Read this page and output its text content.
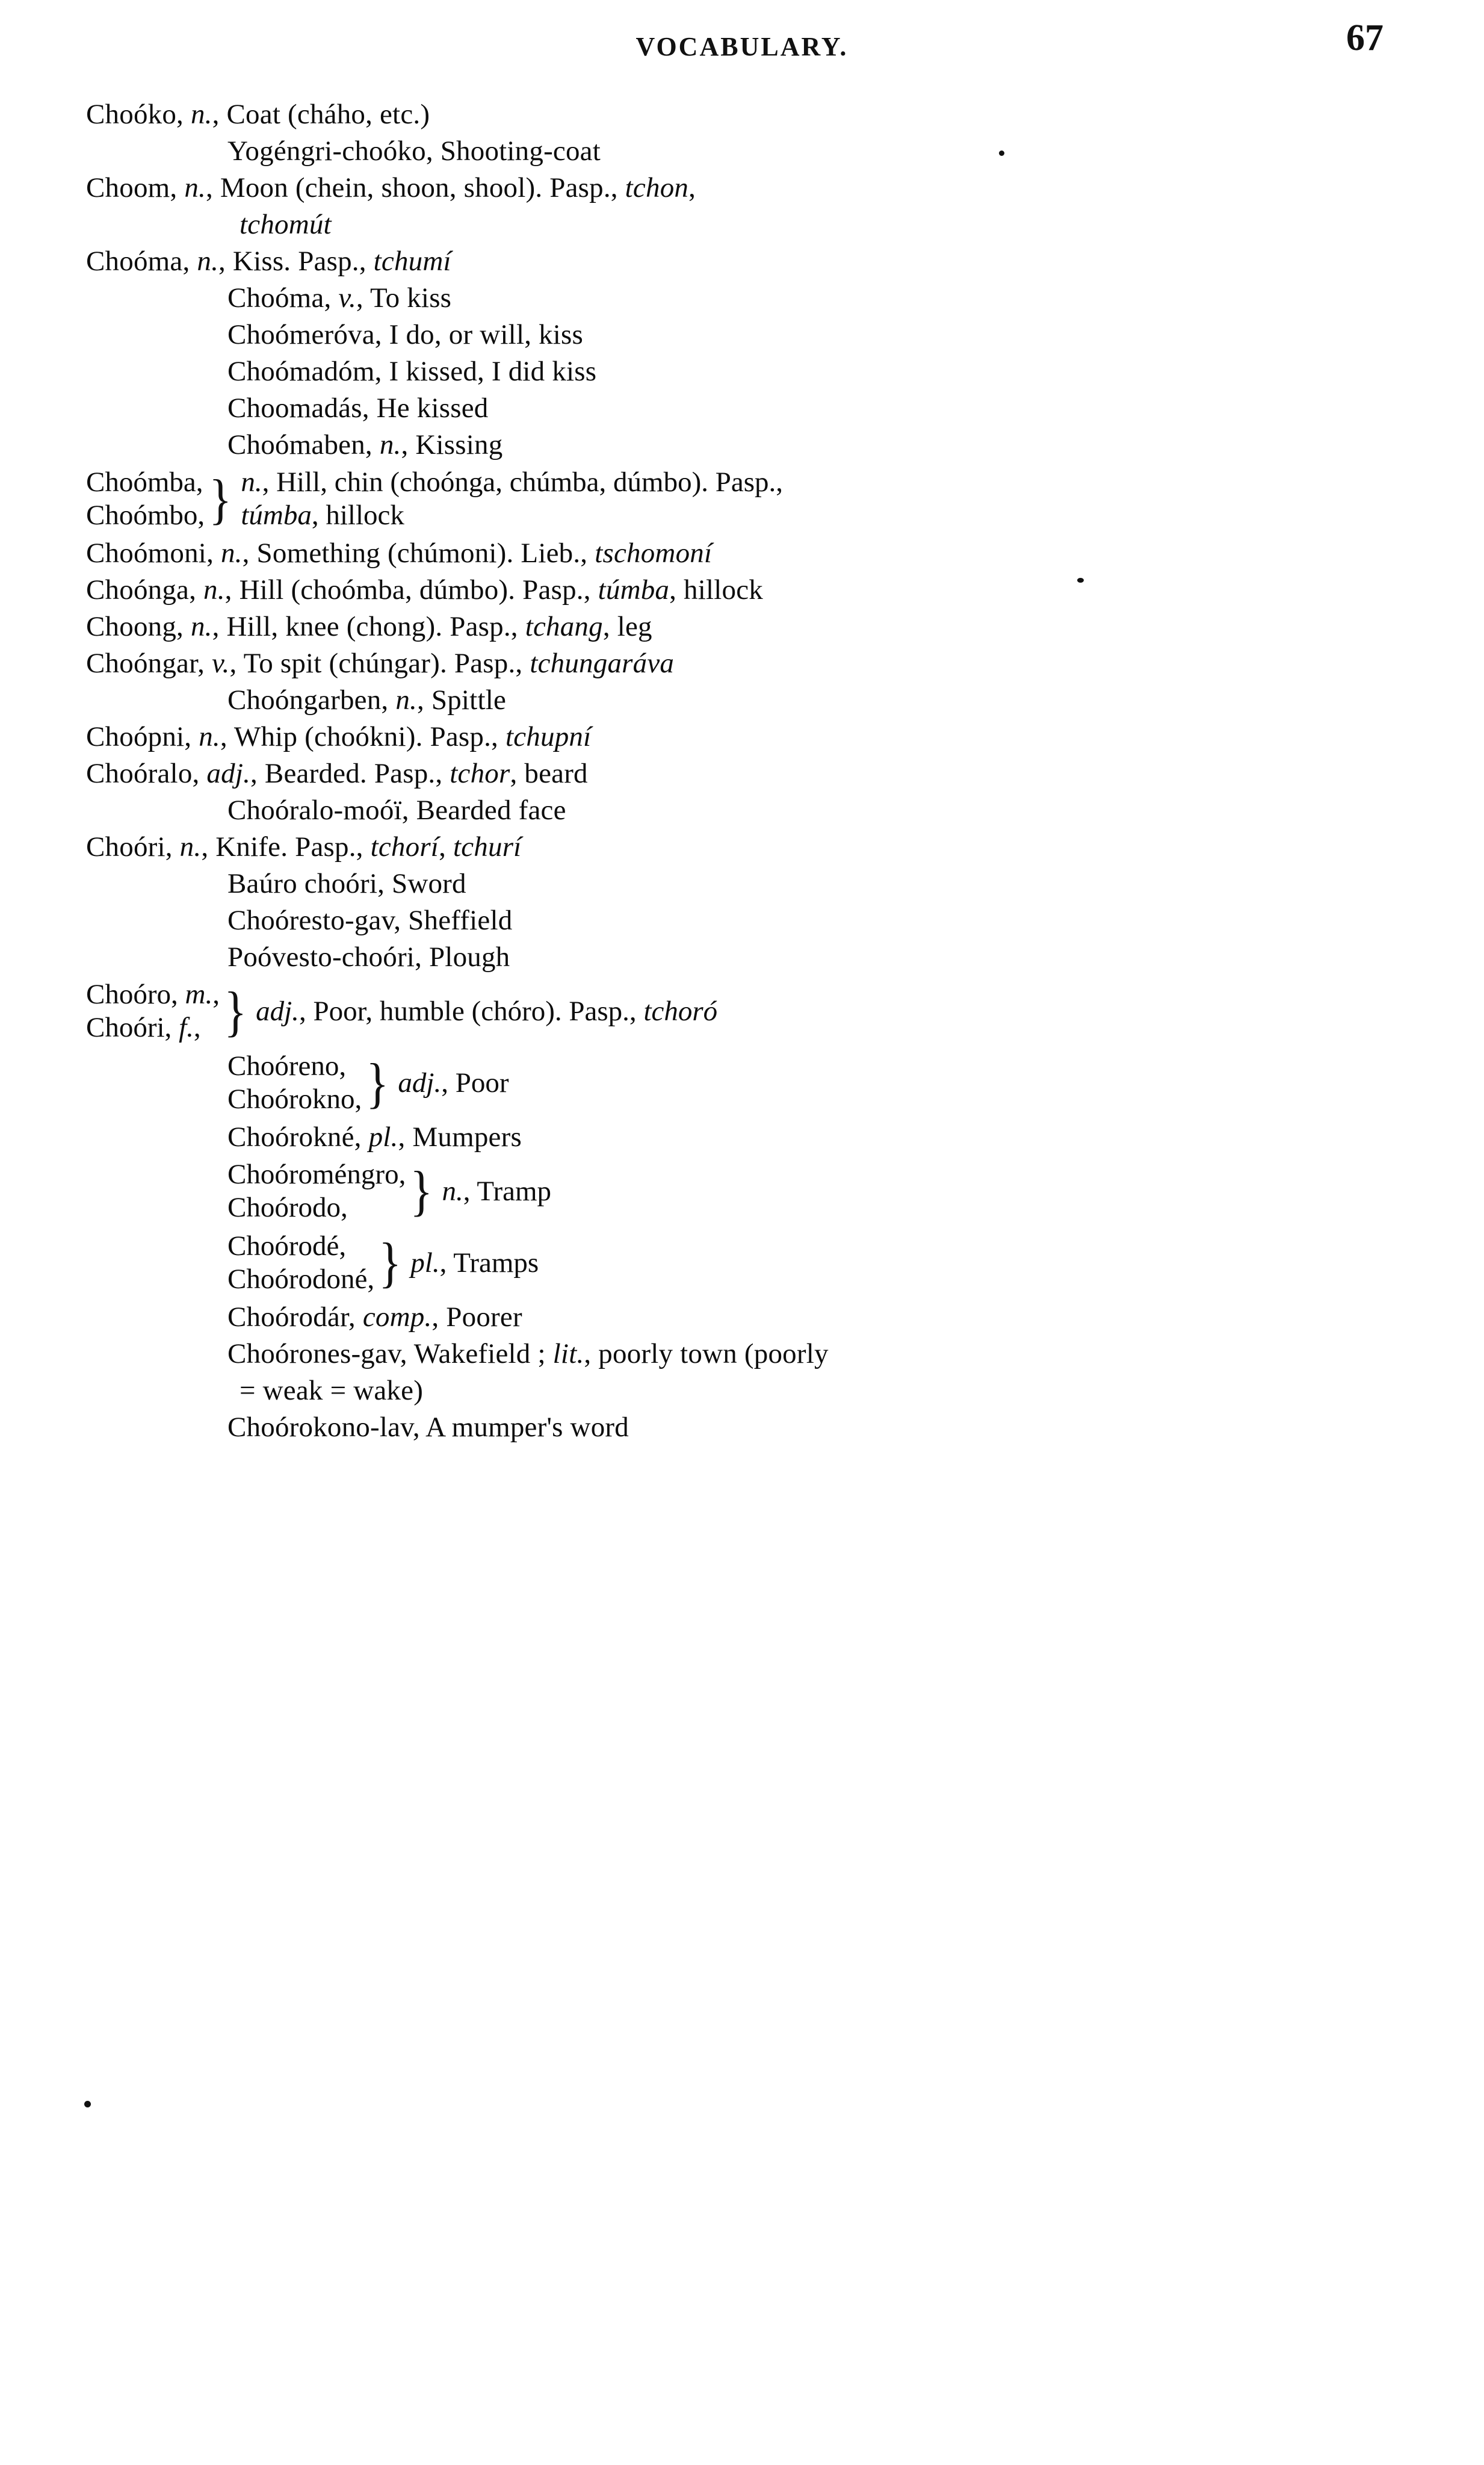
VOCABULARY.	67
Choóko, n., Coat (cháho, etc.)
Yogéngri-choóko, Shooting-coat
Choom, n., Moon (chein, shoon, shool). Pasp., tchon,
tchomút
Choóma, n., Kiss. Pasp., tchumí
Choóma, v., To kiss
Choómeróva, I do, or will, kiss
Choómadóm, I kissed, I did kiss
Choomadás, He kissed
Choómaben, n., Kissing
Choómba,
Choómbo, } n., Hill, chin (choónga, chúmba, dúmbo). Pasp.,
túmba, hillock
Choómoni, n., Something (chúmoni). Lieb., tschomoní
Choónga, n., Hill (choómba, dúmbo). Pasp., túmba, hillock
Choong, n., Hill, knee (chong). Pasp., tchang, leg
Choóngar, v., To spit (chúngar). Pasp., tchungaráva
Choóngarben, n., Spittle
Choópni, n., Whip (choókni). Pasp., tchupní
Choóralo, adj., Bearded. Pasp., tchor, beard
Choóralo-moóï, Bearded face
Choóri, n., Knife. Pasp., tchorí, tchurí
Baúro choóri, Sword
Choóresto-gav, Sheffield
Poóvesto-choóri, Plough
Choóro, m.,
Choóri, f., } adj., Poor, humble (chóro). Pasp., tchoró
Choóreno,
Choórokno, } adj., Poor
Choórokné, pl., Mumpers
Choóroméngro,
Choórodo,	} n., Tramp
Choórodé,
Choórodoné, } pl., Tramps
Choórodár, comp., Poorer
Choórones-gav, Wakefield ; lit., poorly town (poorly
= weak = wake)
Choórokono-lav, A mumper's word
